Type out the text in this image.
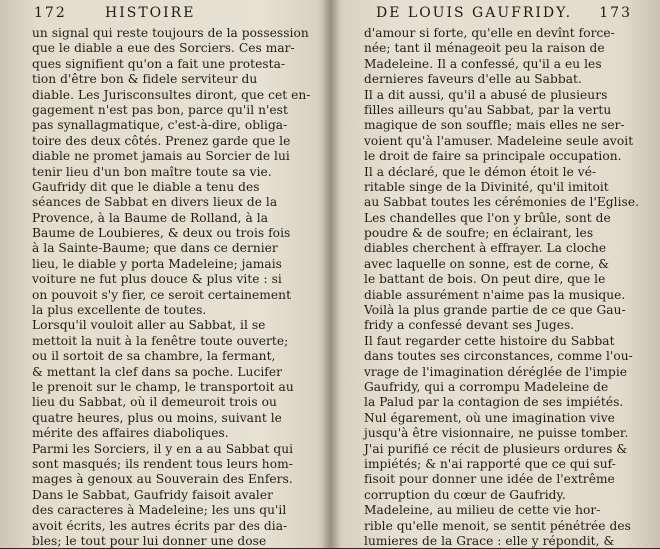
172	HISTOIRE
un signal qui reste toujours de la possession
que le diable a eue des Sorciers. Ces mar-
ques signifient qu'on a fait une protesta-
tion d'être bon & fidele serviteur du
diable. Les Jurisconsultes diront, que cet en-
gagement n'est pas bon, parce qu'il n'est
pas synallagmatique, c'est-à-dire, obliga-
toire des deux côtés. Prenez garde que le
diable ne promet jamais au Sorcier de lui
tenir lieu d'un bon maître toute sa vie.
Gaufridy dit que le diable a tenu des
séances de Sabbat en divers lieux de la
Provence, à la Baume de Rolland, à la
Baume de Loubieres, & deux ou trois fois
à la Sainte-Baume; que dans ce dernier
lieu, le diable y porta Madeleine; jamais
voiture ne fut plus douce & plus vite : si
on pouvoit s'y fier, ce seroit certainement
la plus excellente de toutes.
Lorsqu'il vouloit aller au Sabbat, il se
mettoit la nuit à la fenêtre toute ouverte;
ou il sortoit de sa chambre, la fermant,
& mettant la clef dans sa poche. Lucifer
le prenoit sur le champ, le transportoit au
lieu du Sabbat, où il demeuroit trois ou
quatre heures, plus ou moins, suivant le
mérite des affaires diaboliques.
Parmi les Sorciers, il y en a au Sabbat qui
sont masqués; ils rendent tous leurs hom-
mages à genoux au Souverain des Enfers.
Dans le Sabbat, Gaufridy faisoit avaler
des caracteres à Madeleine; les uns qu'il
avoit écrits, les autres écrits par des dia-
bles; le tout pour lui donner une dose
DE LOUIS GAUFRIDY. 173
d'amour si forte, qu'elle en devînt force-
née; tant il ménageoit peu la raison de
Madeleine. Il a confessé, qu'il a eu les
dernieres faveurs d'elle au Sabbat.
Il a dit aussi, qu'il a abusé de plusieurs
filles ailleurs qu'au Sabbat, par la vertu
magique de son souffle; mais elles ne ser-
voient qu'à l'amuser. Madeleine seule avoit
le droit de faire sa principale occupation.
Il a déclaré, que le démon étoit le vé-
ritable singe de la Divinité, qu'il imitoit
au Sabbat toutes les cérémonies de l'Eglise.
Les chandelles que l'on y brûle, sont de
poudre & de soufre; en éclairant, les
diables cherchent à effrayer. La cloche
avec laquelle on sonne, est de corne, &
le battant de bois. On peut dire, que le
diable assurément n'aime pas la musique.
Voilà la plus grande partie de ce que Gau-
fridy a confessé devant ses Juges.
Il faut regarder cette histoire du Sabbat
dans toutes ses circonstances, comme l'ou-
vrage de l'imagination déréglée de l'impie
Gaufridy, qui a corrompu Madeleine de
la Palud par la contagion de ses impiétés.
Nul égarement, où une imagination vive
jusqu'à être visionnaire, ne puisse tomber.
J'ai purifié ce récit de plusieurs ordures &
impiétés; & n'ai rapporté que ce qui suf-
fisoit pour donner une idée de l'extrême
corruption du cœur de Gaufridy.
Madeleine, au milieu de cette vie hor-
rible qu'elle menoit, se sentit pénétrée des
lumieres de la Grace : elle y répondit, &
